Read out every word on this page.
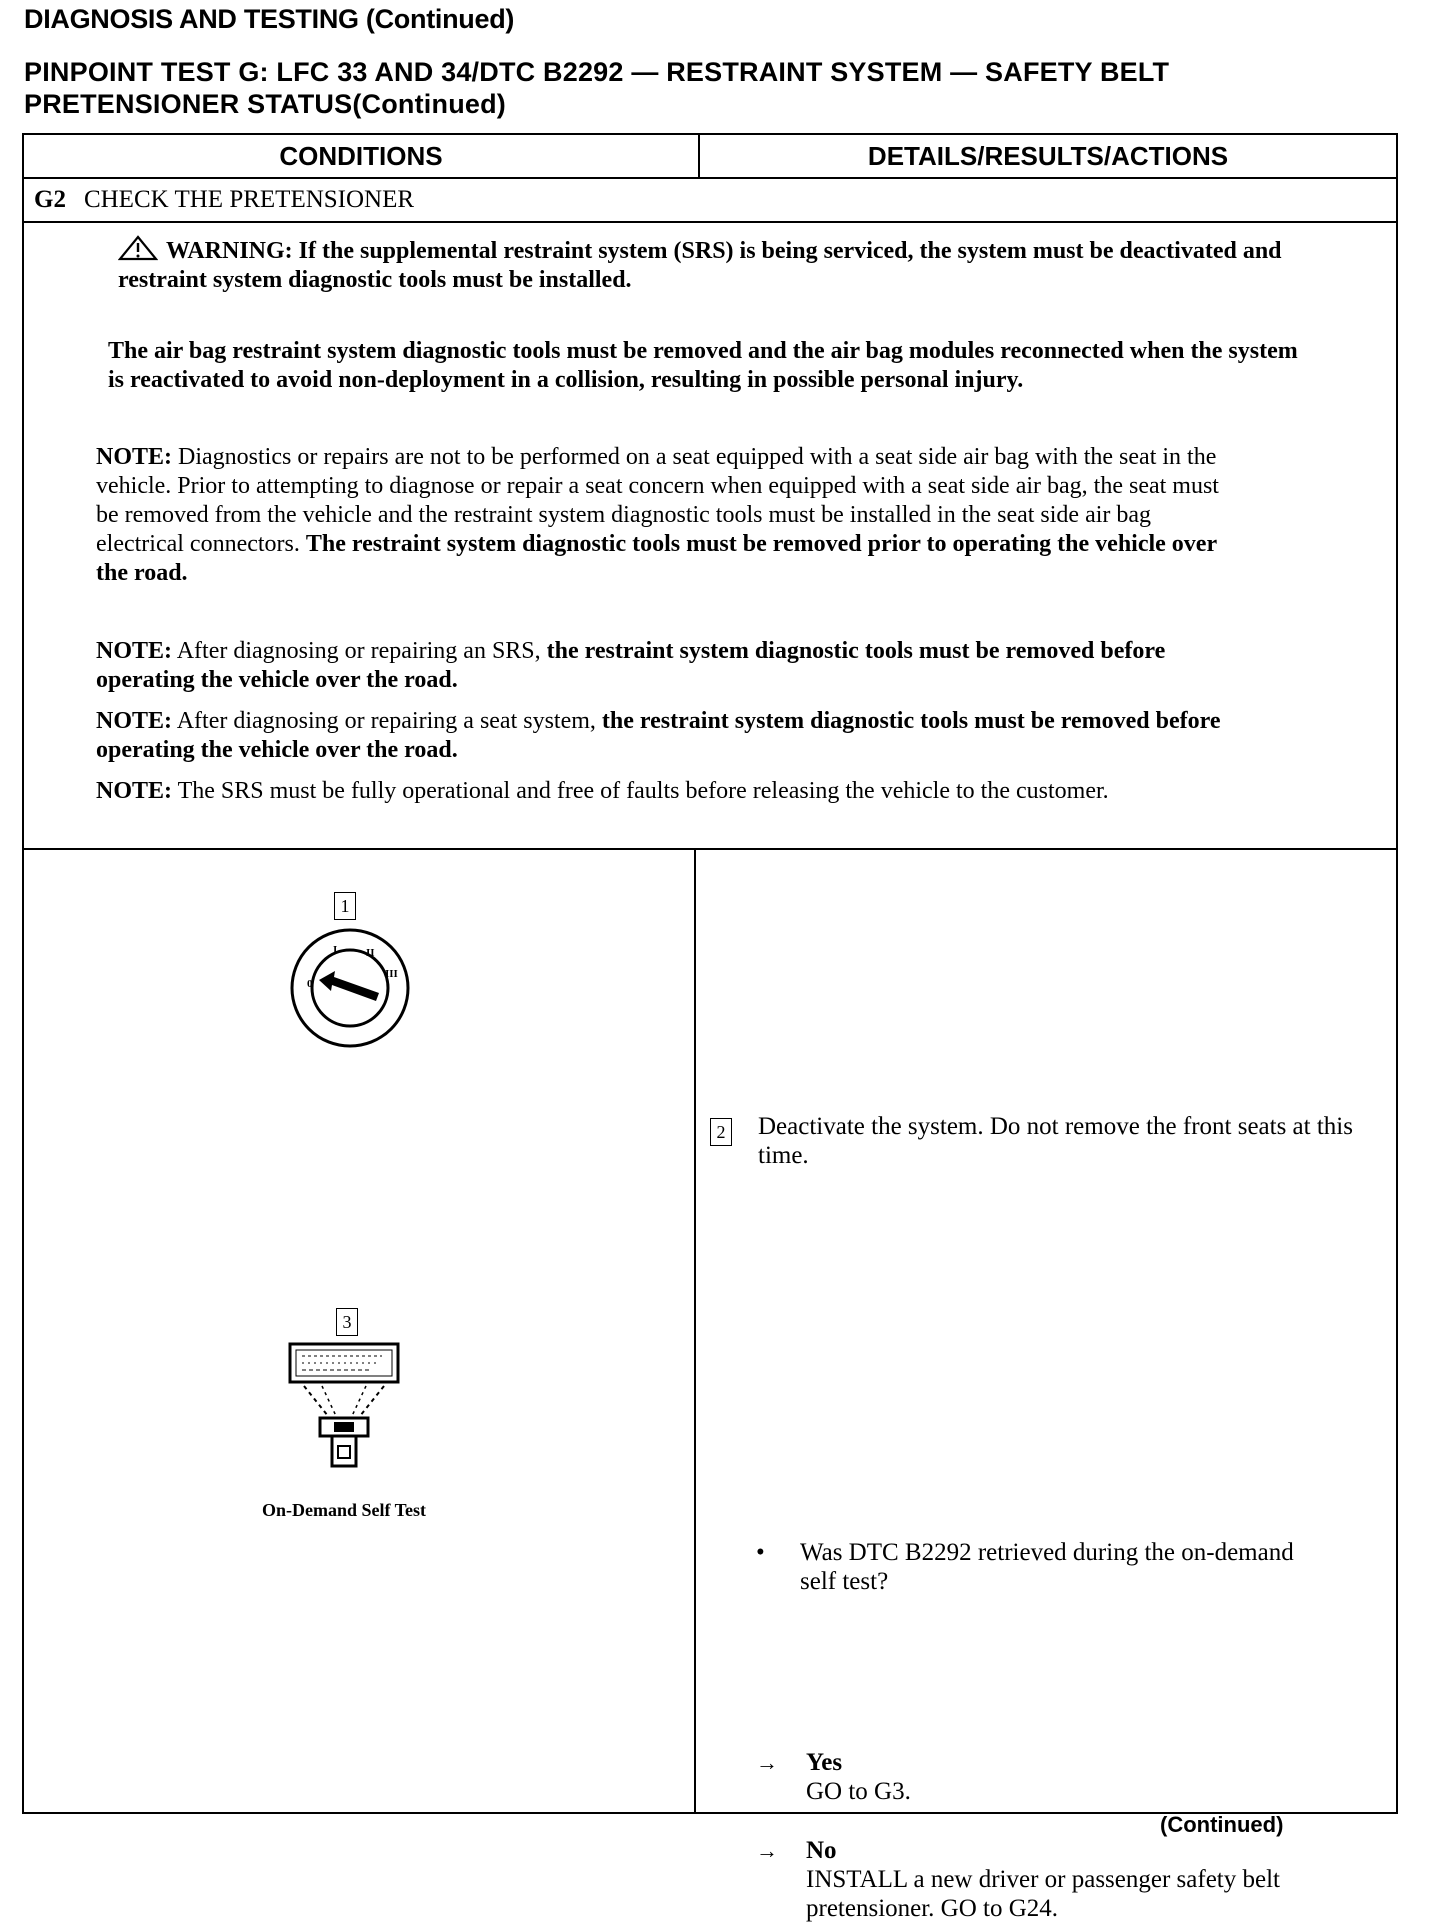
DIAGNOSIS AND TESTING (Continued)
PINPOINT TEST G: LFC 33 AND 34/DTC B2292 — RESTRAINT SYSTEM — SAFETY BELT PRETENSIONER STATUS(Continued)
CONDITIONS	DETAILS/RESULTS/ACTIONS
G2 CHECK THE PRETENSIONER
WARNING: If the supplemental restraint system (SRS) is being serviced, the system must be deactivated and restraint system diagnostic tools must be installed.
The air bag restraint system diagnostic tools must be removed and the air bag modules reconnected when the system is reactivated to avoid non-deployment in a collision, resulting in possible personal injury.
NOTE: Diagnostics or repairs are not to be performed on a seat equipped with a seat side air bag with the seat in the vehicle. Prior to attempting to diagnose or repair a seat concern when equipped with a seat side air bag, the seat must be removed from the vehicle and the restraint system diagnostic tools must be installed in the seat side air bag electrical connectors. The restraint system diagnostic tools must be removed prior to operating the vehicle over the road.
NOTE: After diagnosing or repairing an SRS, the restraint system diagnostic tools must be removed before operating the vehicle over the road.
NOTE: After diagnosing or repairing a seat system, the restraint system diagnostic tools must be removed before operating the vehicle over the road.
NOTE: The SRS must be fully operational and free of faults before releasing the vehicle to the customer.
1
0
I	II
III
3
On-Demand Self Test
2 Deactivate the system. Do not remove the front seats at this time.
• Was DTC B2292 retrieved during the on-demand self test?
→ Yes
GO to G3.
→ No
INSTALL a new driver or passenger safety belt pretensioner. GO to G24.
(Continued)
